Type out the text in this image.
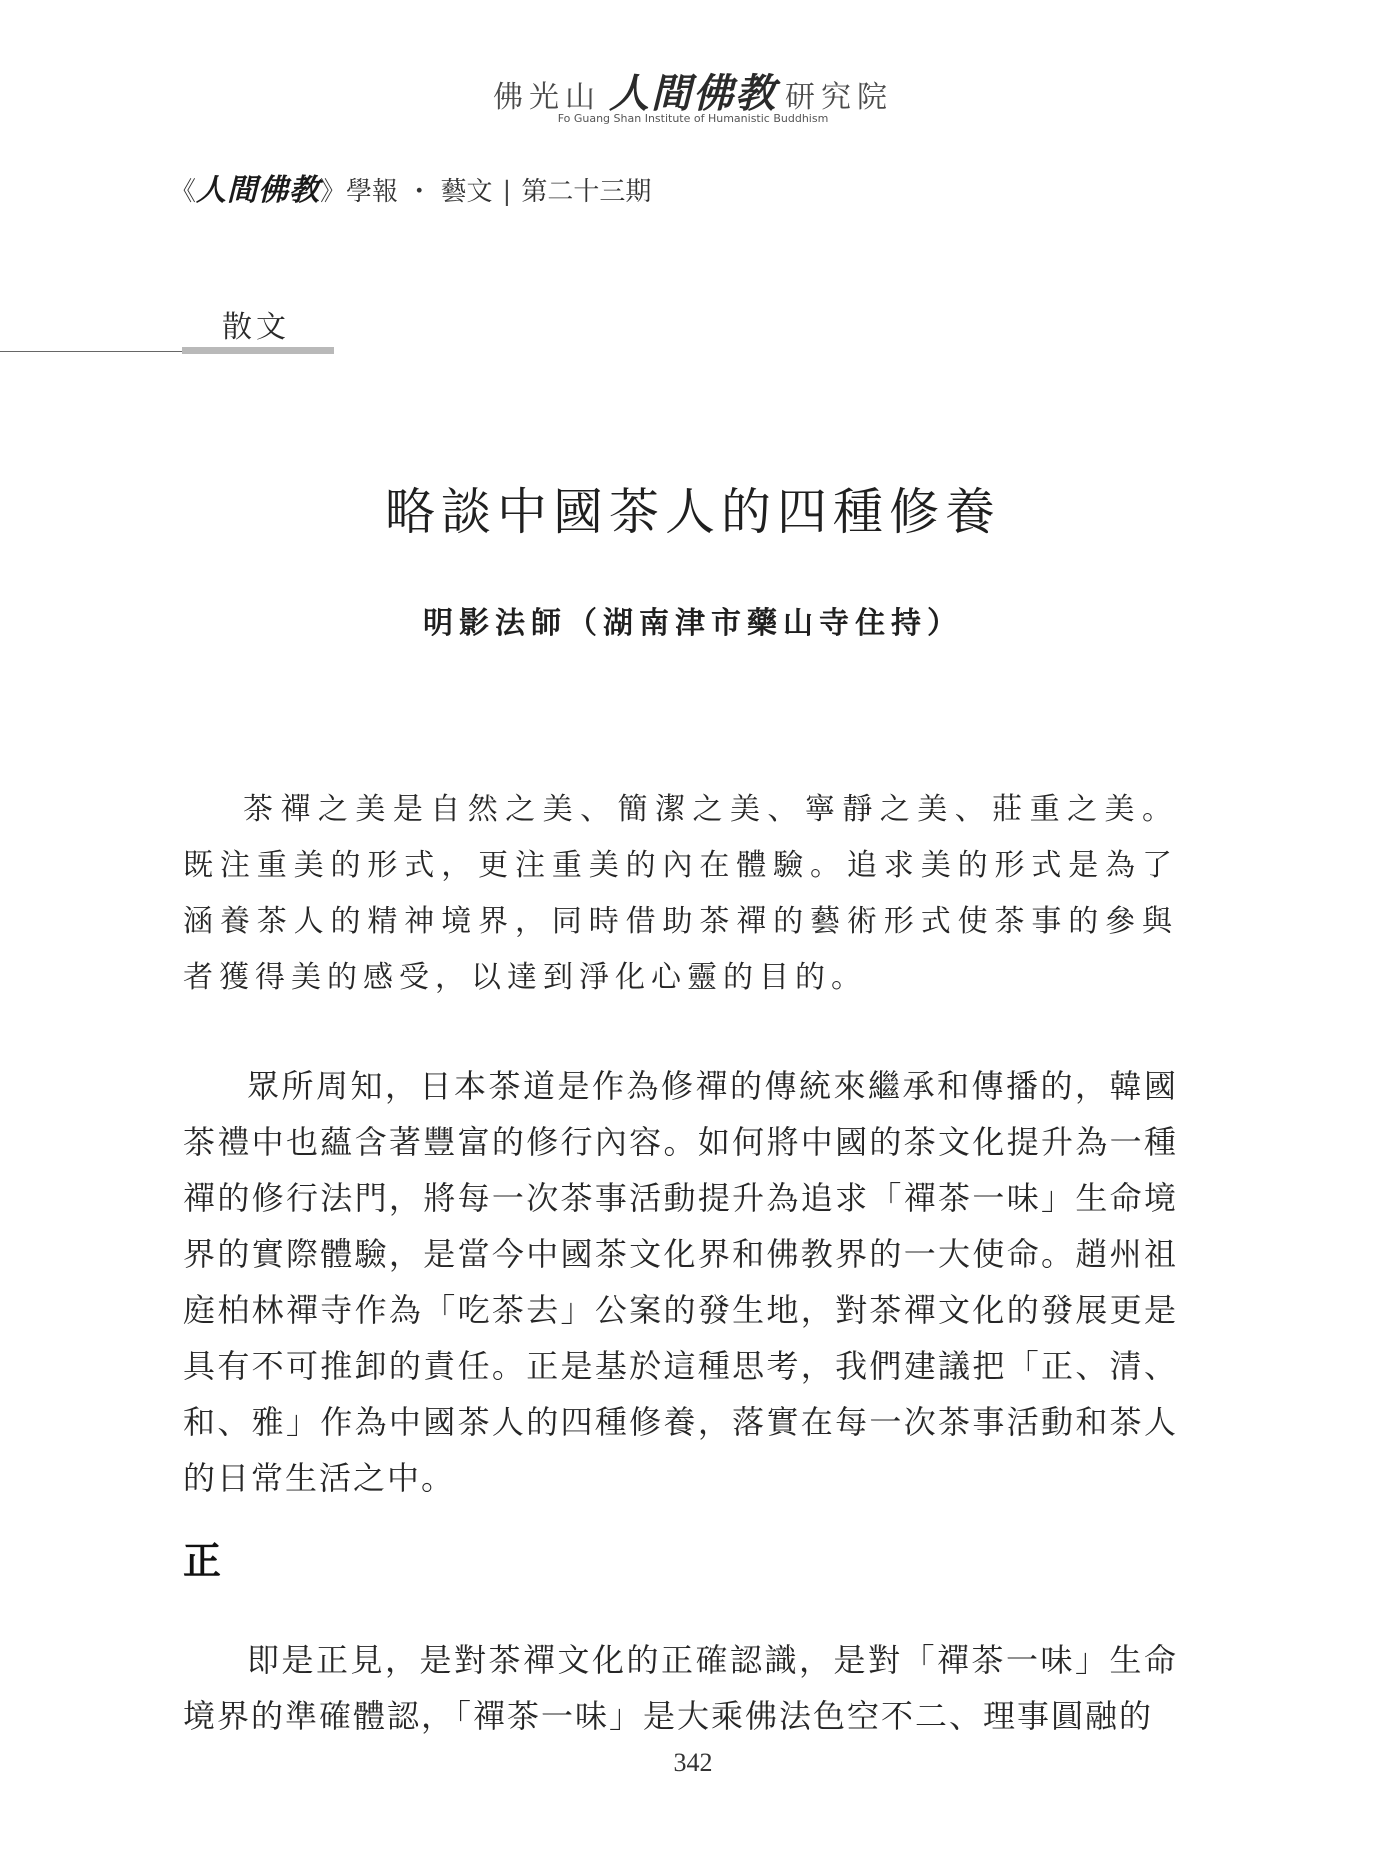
佛光山 人間佛教 研究院
Fo Guang Shan Institute of Humanistic Buddhism
《人間佛教》學報 ・ 藝文 | 第二十三期
散文
略談中國茶人的四種修養
明影法師（湖南津市藥山寺住持）

茶禪之美是自然之美、簡潔之美、寧靜之美、莊重之美。既注重美的形式，更注重美的內在體驗。追求美的形式是為了涵養茶人的精神境界，同時借助茶禪的藝術形式使茶事的參與者獲得美的感受，以達到淨化心靈的目的。

眾所周知，日本茶道是作為修禪的傳統來繼承和傳播的，韓國茶禮中也蘊含著豐富的修行內容。如何將中國的茶文化提升為一種禪的修行法門，將每一次茶事活動提升為追求「禪茶一味」生命境界的實際體驗，是當今中國茶文化界和佛教界的一大使命。趙州祖庭柏林禪寺作為「吃茶去」公案的發生地，對茶禪文化的發展更是具有不可推卸的責任。正是基於這種思考，我們建議把「正、清、和、雅」作為中國茶人的四種修養，落實在每一次茶事活動和茶人的日常生活之中。

正

即是正見，是對茶禪文化的正確認識，是對「禪茶一味」生命境界的準確體認，「禪茶一味」是大乘佛法色空不二、理事圓融的

342
